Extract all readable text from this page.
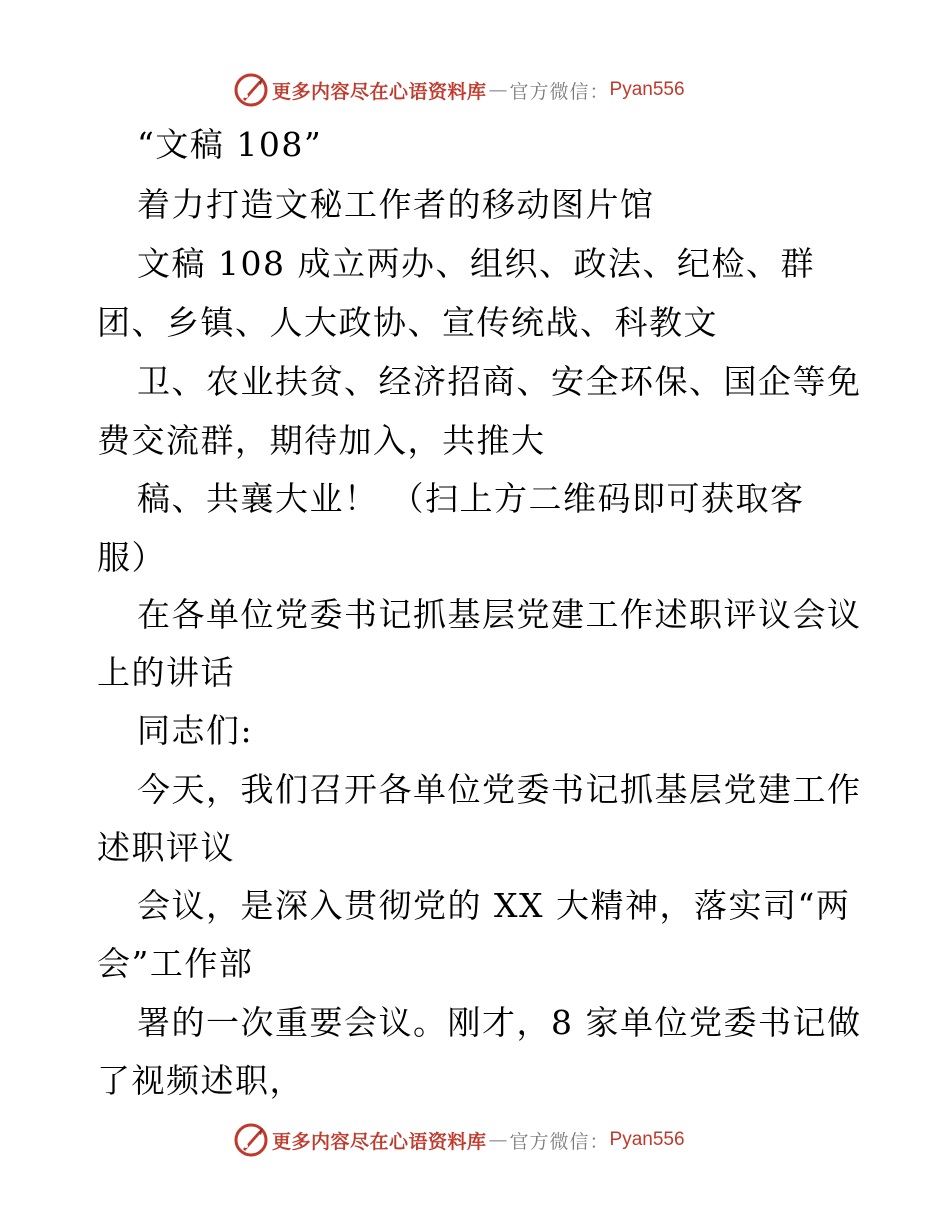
更多内容尽在心语资料库 — 官方微信： Pyan556
“文稿 108”
着力打造文秘工作者的移动图片馆
文稿 108 成立两办、组织、政法、纪检、群
团、乡镇、人大政协、宣传统战、科教文
卫、农业扶贫、经济招商、安全环保、国企等免
费交流群，期待加入，共推大
稿、共襄大业！ （扫上方二维码即可获取客
服）
在各单位党委书记抓基层党建工作述职评议会议
上的讲话
同志们:
今天，我们召开各单位党委书记抓基层党建工作
述职评议
会议，是深入贯彻党的 XX 大精神，落实司“两
会”工作部
署的一次重要会议。刚才，8 家单位党委书记做
了视频述职，
更多内容尽在心语资料库 — 官方微信： Pyan556
